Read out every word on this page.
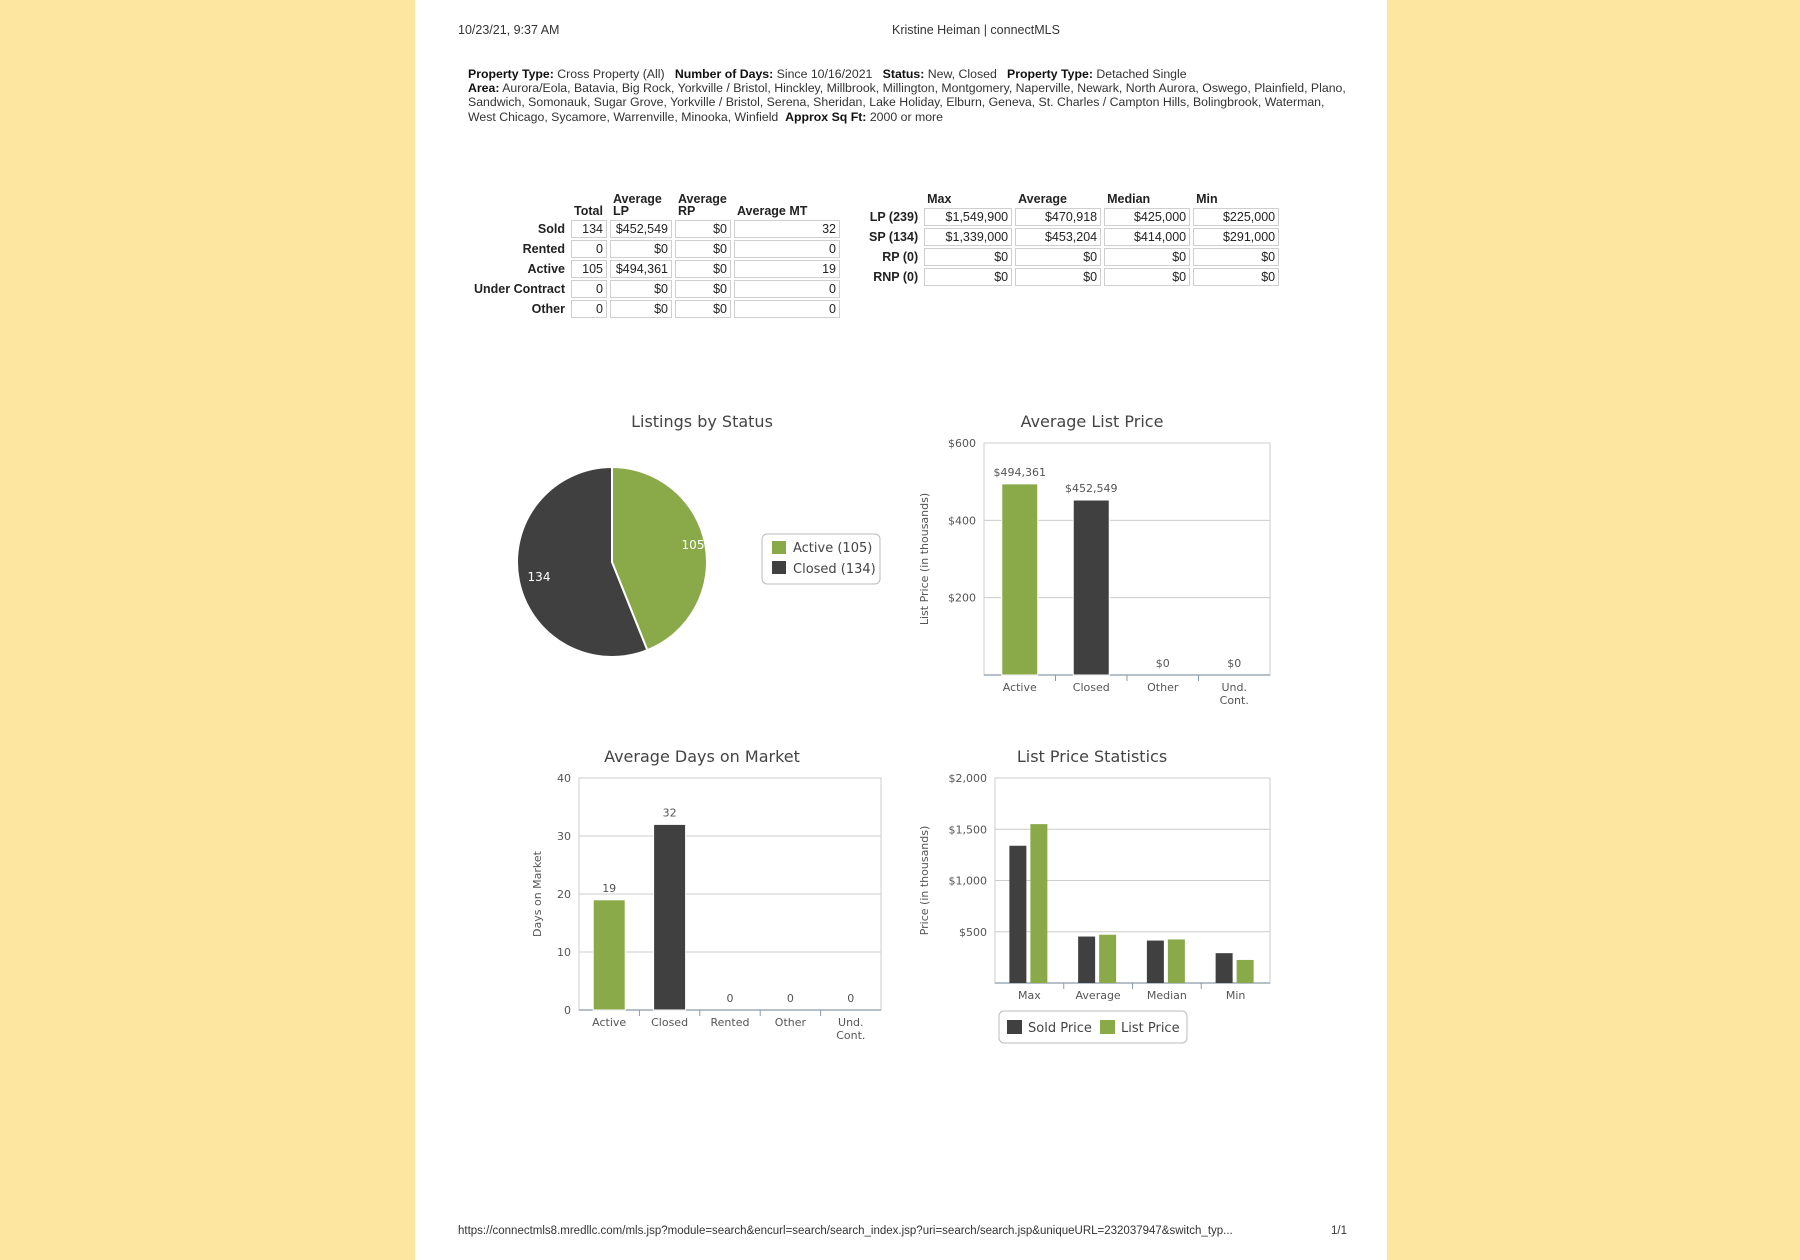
10/23/21, 9:37 AM	Kristine Heiman | connectMLS
Property Type: Cross Property (All) Number of Days: Since 10/16/2021 Status: New, Closed Property Type: Detached Single
Area: Aurora/Eola, Batavia, Big Rock, Yorkville / Bristol, Hinckley, Millbrook, Millington, Montgomery, Naperville, Newark, North Aurora, Oswego, Plainfield, Plano, Sandwich, Somonauk, Sugar Grove, Yorkville / Bristol, Serena, Sheridan, Lake Holiday, Elburn, Geneva, St. Charles / Campton Hills, Bolingbrook, Waterman, West Chicago, Sycamore, Warrenville, Minooka, Winfield Approx Sq Ft: 2000 or more
	Total	Average LP	Average RP	Average MT
Sold	134	$452,549	$0	32
Rented	0	$0	$0	0
Active	105	$494,361	$0	19
Under Contract	0	$0	$0	0
Other	0	$0	$0	0
	Max	Average	Median	Min
LP (239)	$1,549,900	$470,918	$425,000	$225,000
SP (134)	$1,339,000	$453,204	$414,000	$291,000
RP (0)	$0	$0	$0	$0
RNP (0)	$0	$0	$0	$0
Listings by Status
105
134
Active (105)
Closed (134)
Average List Price
$200
$400
$600
List Price (in thousands)
Active
$494,361
Closed
$452,549
Other
$0
Und.
Cont.
$0
Average Days on Market
0
10
20
30
40
Days on Market
Active
19
Closed
32
Rented
0
Other
0
Und.
Cont.
0
List Price Statistics
$500
$1,000
$1,500
$2,000
Price (in thousands)
Max	Average Median	Min
Sold Price List Price
https://connectmls8.mredllc.com/mls.jsp?module=search&encurl=search/search_index.jsp?uri=search/search.jsp&uniqueURL=232037947&switch_typ...	1/1
